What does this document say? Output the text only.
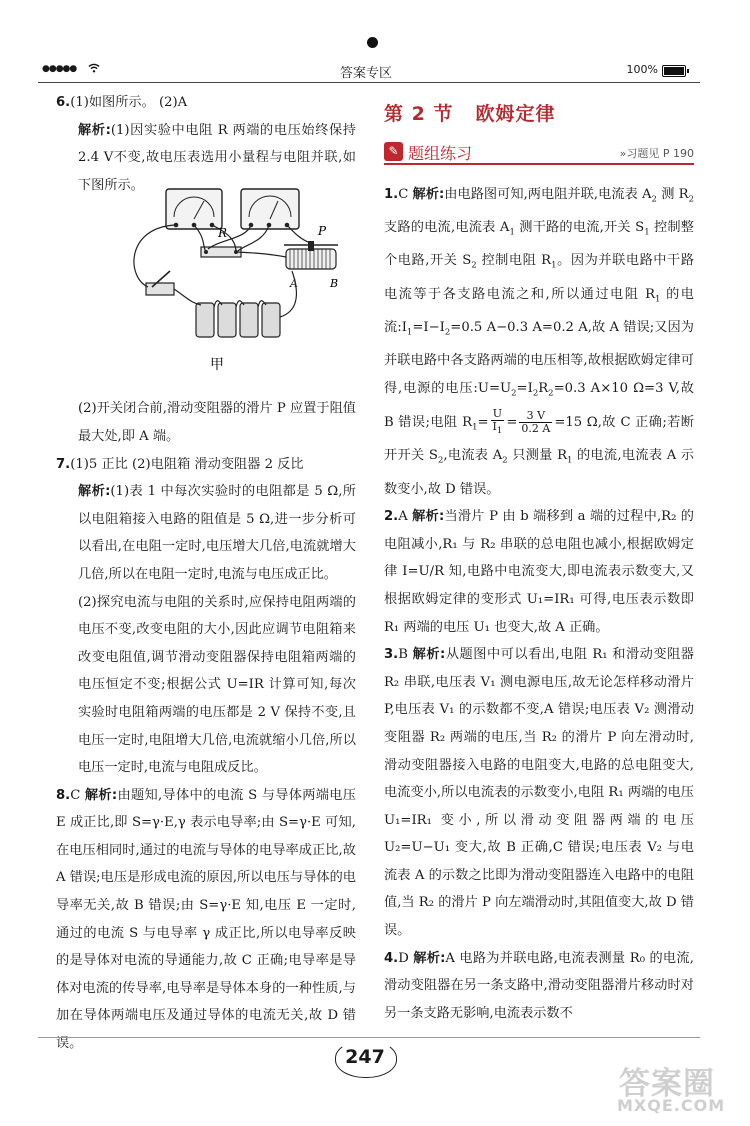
●●●●●	答案专区	100%

6.(1)如图所示。 (2)A

解析:(1)因实验中电阻 R 两端的电压始终保持 2.4 V不变,故电压表选用小量程与电阻并联,如下图所示。

(2)开关闭合前,滑动变阻器的滑片 P 应置于阻值最大处,即 A 端。

7.(1)5 正比 (2)电阻箱 滑动变阻器 2 反比

解析:(1)表 1 中每次实验时的电阻都是 5 Ω,所以电阻箱接入电路的阻值是 5 Ω,进一步分析可以看出,在电阻一定时,电压增大几倍,电流就增大几倍,所以在电阻一定时,电流与电压成正比。

(2)探究电流与电阻的关系时,应保持电阻两端的电压不变,改变电阻的大小,因此应调节电阻箱来改变电阻值,调节滑动变阻器保持电阻箱两端的电压恒定不变;根据公式 U=IR 计算可知,每次实验时电阻箱两端的电压都是 2 V 保持不变,且电压一定时,电阻增大几倍,电流就缩小几倍,所以电压一定时,电流与电阻成反比。

8.C 解析:由题知,导体中的电流 S 与导体两端电压 E 成正比,即 S=γ·E,γ 表示电导率;由 S=γ·E 可知,在电压相同时,通过的电流与导体的电导率成正比,故 A 错误;电压是形成电流的原因,所以电压与导体的电导率无关,故 B 错误;由 S=γ·E 知,电压 E 一定时,通过的电流 S 与电导率 γ 成正比,所以电导率反映的是导体对电流的导通能力,故 C 正确;电导率是导体对电流的传导率,电导率是导体本身的一种性质,与加在导体两端电压及通过导体的电流无关,故 D 错误。

R	P
A	B
甲
第 2 节 欧姆定律
✎ 题组练习	»习题见 P 190

1.C 解析:由电路图可知,两电阻并联,电流表 $A_2$ 测 $R_2$ 支路的电流,电流表 $A_1$ 测干路的电流,开关 $S_1$ 控制整个电路,开关 $S_2$ 控制电阻 $R_1$。因为并联电路中干路电流等于各支路电流之和,所以通过电阻 $R_1$ 的电流$:I_1=I-I_2=0.5$ A−0.3 A=0.2 A,故 A 错误;又因为并联电路中各支路两端的电压相等,故根据欧姆定律可得,电源的电压$:U=U_2=I_2R_2=0.3$ A×10 Ω=3 V,故 B 错误;电阻 $R_1= \frac{U}{I_1} = \frac{3 V}{0.2 A} =15$ Ω,故 C 正确;若断开开关 $S_2$,电流表 $A_2$ 只测量 $R_1$ 的电流,电流表 A 示数变小,故 D 错误。

2.A 解析:当滑片 P 由 b 端移到 a 端的过程中,R₂ 的电阻减小,R₁ 与 R₂ 串联的总电阻也减小,根据欧姆定律 I=U/R 知,电路中电流变大,即电流表示数变大,又根据欧姆定律的变形式 U₁=IR₁ 可得,电压表示数即 R₁ 两端的电压 U₁ 也变大,故 A 正确。

3.B 解析:从题图中可以看出,电阻 R₁ 和滑动变阻器 R₂ 串联,电压表 V₁ 测电源电压,故无论怎样移动滑片 P,电压表 V₁ 的示数都不变,A 错误;电压表 V₂ 测滑动变阻器 R₂ 两端的电压,当 R₂ 的滑片 P 向左滑动时,滑动变阻器接入电路的电阻变大,电路的总电阻变大,电流变小,所以电流表的示数变小,电阻 R₁ 两端的电压 U₁=IR₁ 变小,所以滑动变阻器两端的电压 U₂=U−U₁ 变大,故 B 正确,C 错误;电压表 V₂ 与电流表 A 的示数之比即为滑动变阻器连入电路中的电阻值,当 R₂ 的滑片 P 向左端滑动时,其阻值变大,故 D 错误。

4.D 解析:A 电路为并联电路,电流表测量 R₀ 的电流,滑动变阻器在另一条支路中,滑动变阻器滑片移动时对另一条支路无影响,电流表示数不

247
答案圈
MXQE.COM
